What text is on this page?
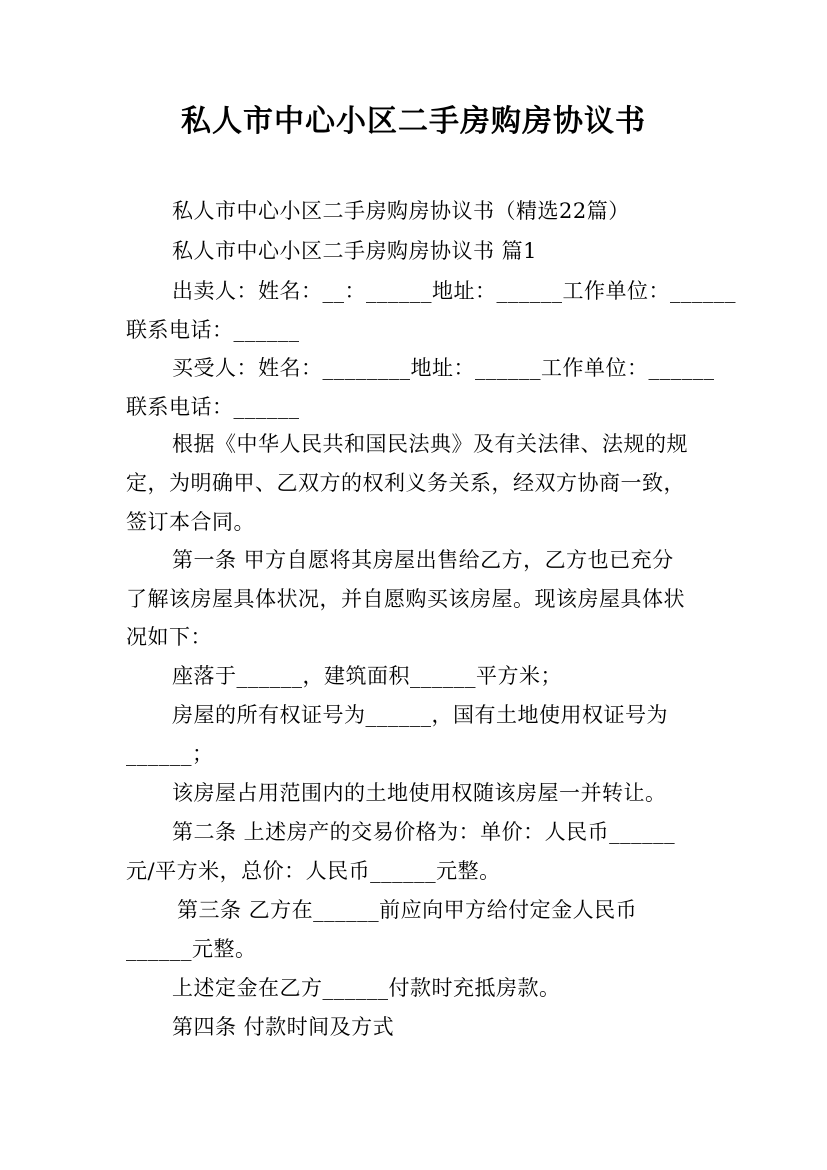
私人市中心小区二手房购房协议书
私人市中心小区二手房购房协议书（精选22篇）
私人市中心小区二手房购房协议书 篇1
出卖人：姓名：__：______地址：______工作单位：______
联系电话：______
买受人：姓名：________地址：______工作单位：______
联系电话：______
根据《中华人民共和国民法典》及有关法律、法规的规
定，为明确甲、乙双方的权利义务关系，经双方协商一致，
签订本合同。
第一条 甲方自愿将其房屋出售给乙方，乙方也已充分
了解该房屋具体状况，并自愿购买该房屋。现该房屋具体状
况如下：
座落于______，建筑面积______平方米；
房屋的所有权证号为______，国有土地使用权证号为
______；
该房屋占用范围内的土地使用权随该房屋一并转让。
第二条 上述房产的交易价格为：单价：人民币______
元/平方米，总价：人民币______元整。
第三条 乙方在______前应向甲方给付定金人民币
______元整。
上述定金在乙方______付款时充抵房款。
第四条 付款时间及方式
